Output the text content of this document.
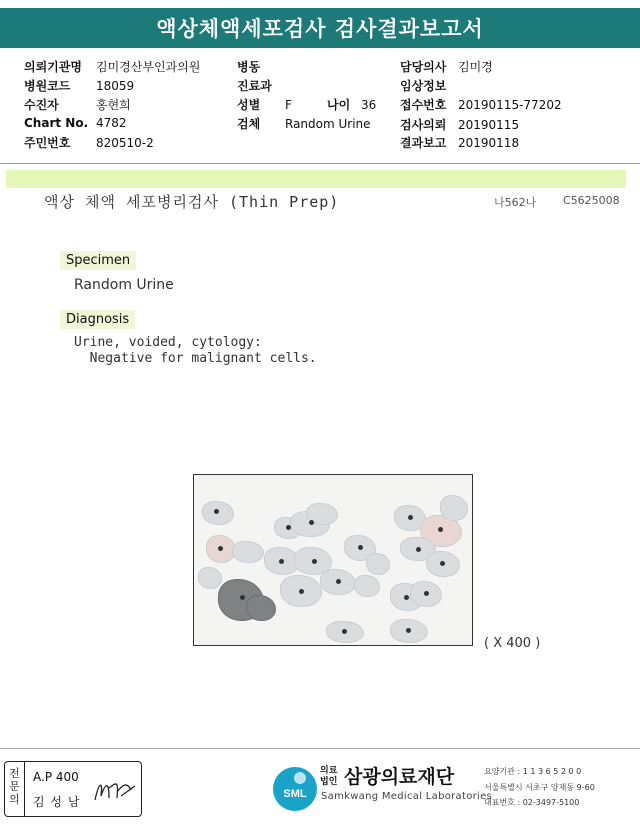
액상체액세포검사 검사결과보고서
의뢰기관명 김미경산부인과의원
병원코드 18059
수진자	홍현희
Chart No. 4782
주민번호 820510-2
병동
진료과
성별 F	나이 36
검체 Random Urine
담당의사 김미경
임상정보
접수번호 20190115-77202
검사의뢰 20190115
결과보고 20190118
액상 체액 세포병리검사 (Thin Prep)	나562나 C5625008
Specimen
Random Urine
Diagnosis
Urine, voided, cytology:
Negative for malignant cells.
( X 400 )
전문의
A.P 400
김 성 남
SML
의료법인 삼광의료재단
Samkwang Medical Laboratories
요양기관 : 1 1 3 6 5 2 0 0
서울특별시 서초구 양재동 9-60
대표번호 : 02-3497-5100
